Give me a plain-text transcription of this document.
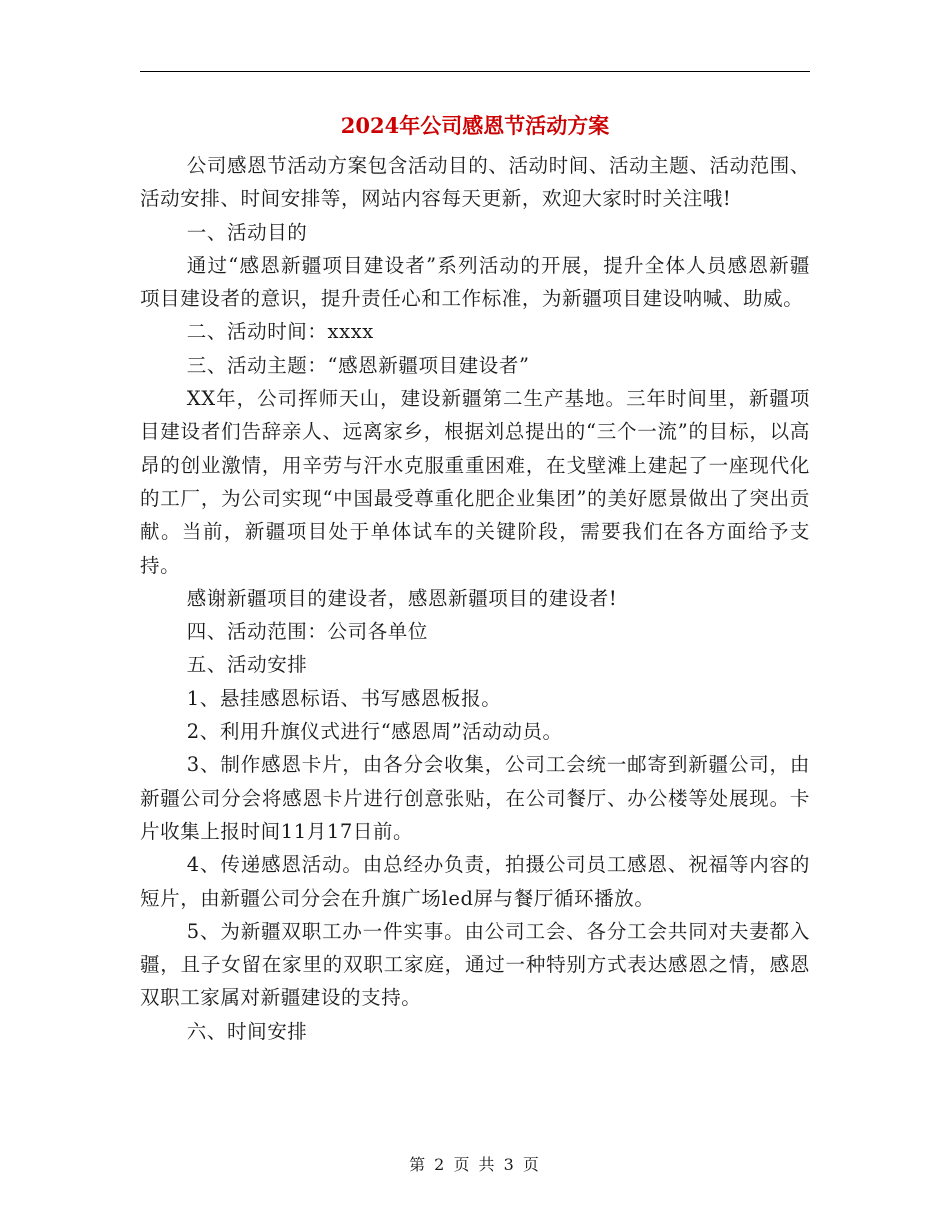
2024年公司感恩节活动方案

公司感恩节活动方案包含活动目的、活动时间、活动主题、活动范围、活动安排、时间安排等，网站内容每天更新，欢迎大家时时关注哦!

一、活动目的

通过“感恩新疆项目建设者”系列活动的开展，提升全体人员感恩新疆项目建设者的意识，提升责任心和工作标准，为新疆项目建设呐喊、助威。

二、活动时间：xxxx

三、活动主题：“感恩新疆项目建设者”

XX年，公司挥师天山，建设新疆第二生产基地。三年时间里，新疆项目建设者们告辞亲人、远离家乡，根据刘总提出的“三个一流”的目标，以高昂的创业激情，用辛劳与汗水克服重重困难，在戈壁滩上建起了一座现代化的工厂，为公司实现“中国最受尊重化肥企业集团”的美好愿景做出了突出贡献。当前，新疆项目处于单体试车的关键阶段，需要我们在各方面给予支持。

感谢新疆项目的建设者，感恩新疆项目的建设者!

四、活动范围：公司各单位

五、活动安排

1、悬挂感恩标语、书写感恩板报。

2、利用升旗仪式进行“感恩周”活动动员。

3、制作感恩卡片，由各分会收集，公司工会统一邮寄到新疆公司，由新疆公司分会将感恩卡片进行创意张贴，在公司餐厅、办公楼等处展现。卡片收集上报时间11月17日前。

4、传递感恩活动。由总经办负责，拍摄公司员工感恩、祝福等内容的短片，由新疆公司分会在升旗广场led屏与餐厅循环播放。

5、为新疆双职工办一件实事。由公司工会、各分工会共同对夫妻都入疆，且子女留在家里的双职工家庭，通过一种特别方式表达感恩之情，感恩双职工家属对新疆建设的支持。

六、时间安排

第 2 页 共 3 页
